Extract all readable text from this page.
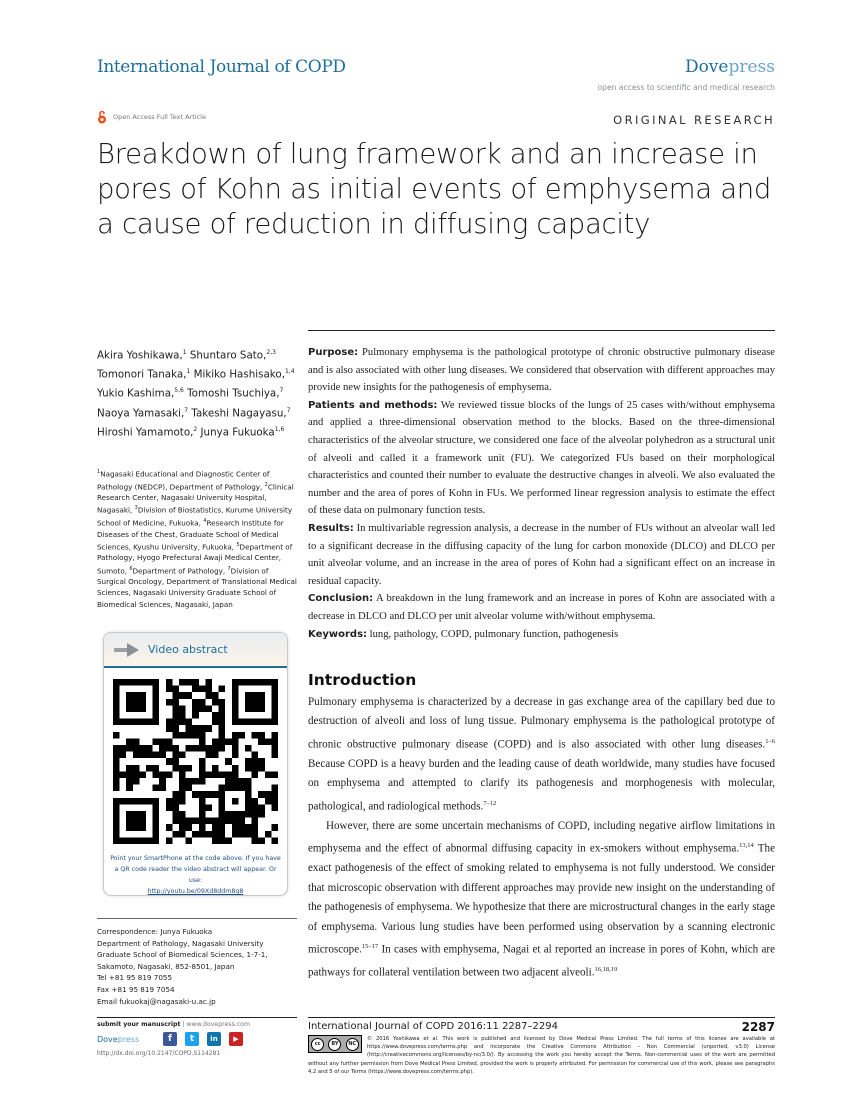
International Journal of COPD	Dovepress
open access to scientific and medical research
Open Access Full Text Article	ORIGINAL RESEARCH
Breakdown of lung framework and an increase in pores of Kohn as initial events of emphysema and a cause of reduction in diffusing capacity
Akira Yoshikawa,$^1$ Shuntaro Sato,$^{2,3}$ Tomonori Tanaka,$^1$ Mikiko Hashisako,$^{1,4}$ Yukio Kashima,$^{5,6}$ Tomoshi Tsuchiya,$^7$ Naoya Yamasaki,$^7$ Takeshi Nagayasu,$^7$ Hiroshi Yamamoto,$^2$ Junya Fukuoka$^{1,6}$
$^1$Nagasaki Educational and Diagnostic Center of Pathology (NEDCP), Department of Pathology, $^2$Clinical Research Center, Nagasaki University Hospital, Nagasaki, $^3$Division of Biostatistics, Kurume University School of Medicine, Fukuoka, $^4$Research Institute for Diseases of the Chest, Graduate School of Medical Sciences, Kyushu University, Fukuoka, $^5$Department of Pathology, Hyogo Prefectural Awaji Medical Center, Sumoto, $^6$Department of Pathology, $^7$Division of Surgical Oncology, Department of Translational Medical Sciences, Nagasaki University Graduate School of Biomedical Sciences, Nagasaki, Japan
Video abstract
Point your SmartPhone at the code above. If you have a QR code reader the video abstract will appear. Or use:
http://youtu.be/09Xd8ddm8g8
Correspondence: Junya Fukuoka
Department of Pathology, Nagasaki University
Graduate School of Biomedical Sciences, 1-7-1,
Sakamoto, Nagasaki, 852-8501, Japan
Tel +81 95 819 7055
Fax +81 95 819 7054
Email fukuokaj@nagasaki-u.ac.jp

Purpose: Pulmonary emphysema is the pathological prototype of chronic obstructive pulmonary disease and is also associated with other lung diseases. We considered that observation with different approaches may provide new insights for the pathogenesis of emphysema.

Patients and methods: We reviewed tissue blocks of the lungs of 25 cases with/without emphysema and applied a three-dimensional observation method to the blocks. Based on the three-dimensional characteristics of the alveolar structure, we considered one face of the alveolar polyhedron as a structural unit of alveoli and called it a framework unit (FU). We categorized FUs based on their morphological characteristics and counted their number to evaluate the destructive changes in alveoli. We also evaluated the number and the area of pores of Kohn in FUs. We performed linear regression analysis to estimate the effect of these data on pulmonary function tests.

Results: In multivariable regression analysis, a decrease in the number of FUs without an alveolar wall led to a significant decrease in the diffusing capacity of the lung for carbon monoxide (DLCO) and DLCO per unit alveolar volume, and an increase in the area of pores of Kohn had a significant effect on an increase in residual capacity.

Conclusion: A breakdown in the lung framework and an increase in pores of Kohn are associated with a decrease in DLCO and DLCO per unit alveolar volume with/without emphysema.

Keywords: lung, pathology, COPD, pulmonary function, pathogenesis

Introduction

Pulmonary emphysema is characterized by a decrease in gas exchange area of the capillary bed due to destruction of alveoli and loss of lung tissue. Pulmonary emphysema is the pathological prototype of chronic obstructive pulmonary disease (COPD) and is also associated with other lung diseases.$^{1-6}$ Because COPD is a heavy burden and the leading cause of death worldwide, many studies have focused on emphysema and attempted to clarify its pathogenesis and morphogenesis with molecular, pathological, and radiological methods.$^{7-12}$

However, there are some uncertain mechanisms of COPD, including negative airflow limitations in emphysema and the effect of abnormal diffusing capacity in ex-smokers without emphysema.$^{13,14}$ The exact pathogenesis of the effect of smoking related to emphysema is not fully understood. We consider that microscopic observation with different approaches may provide new insight on the understanding of the pathogenesis of emphysema. We hypothesize that there are microstructural changes in the early stage of emphysema. Various lung studies have been performed using observation by a scanning electronic microscope.$^{15-17}$ In cases with emphysema, Nagai et al reported an increase in pores of Kohn, which are pathways for collateral ventilation between two adjacent alveoli.$^{16,18,19}$

submit your manuscript | www.dovepress.com
Dovepress	f	t	in	▶
http://dx.doi.org/10.2147/COPD.S114281
International Journal of COPD 2016:11 2287–2294	2287
cc	BY	NC
© 2016 Yoshikawa et al. This work is published and licensed by Dove Medical Press Limited. The full terms of this license are available at https://www.dovepress.com/terms.php and incorporate the Creative Commons Attribution – Non Commercial (unported, v3.0) License (http://creativecommons.org/licenses/by-nc/3.0/). By accessing the work you hereby accept the Terms. Non-commercial uses of the work are permitted without any further permission from Dove Medical Press Limited, provided the work is properly attributed. For permission for commercial use of this work, please see paragraphs 4.2 and 5 of our Terms (https://www.dovepress.com/terms.php).
